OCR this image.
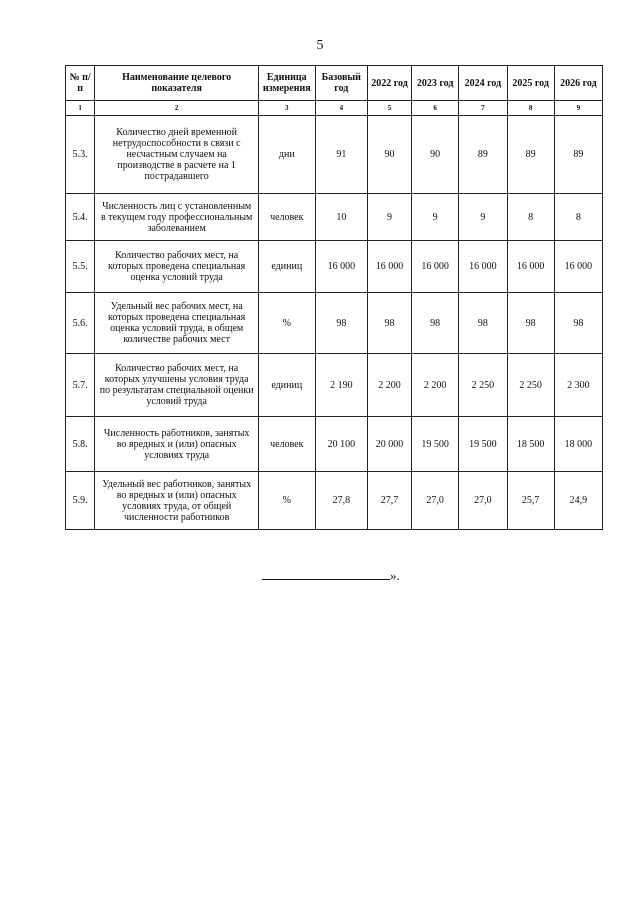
5
№ п/п	Наименование целевого показателя	Единица измерения	Базовый год	2022 год	2023 год	2024 год	2025 год	2026 год
1	2	3	4	5	6	7	8	9
5.3.	Количество дней временной нетрудоспособности в связи с несчастным случаем на производстве в расчете на 1 пострадавшего	дни	91	90	90	89	89	89
5.4.	Численность лиц с установленным в текущем году профессиональным заболеванием	человек	10	9	9	9	8	8
5.5.	Количество рабочих мест, на которых проведена специальная оценка условий труда	единиц	16 000	16 000	16 000	16 000	16 000	16 000
5.6.	Удельный вес рабочих мест, на которых проведена специальная оценка условий труда, в общем количестве рабочих мест	%	98	98	98	98	98	98
5.7.	Количество рабочих мест, на которых улучшены условия труда по результатам специальной оценки условий труда	единиц	2 190	2 200	2 200	2 250	2 250	2 300
5.8.	Численность работников, занятых во вредных и (или) опасных условиях труда	человек	20 100	20 000	19 500	19 500	18 500	18 000
5.9.	Удельный вес работников, занятых во вредных и (или) опасных условиях труда, от общей численности работников	%	27,8	27,7	27,0	27,0	25,7	24,9
».
